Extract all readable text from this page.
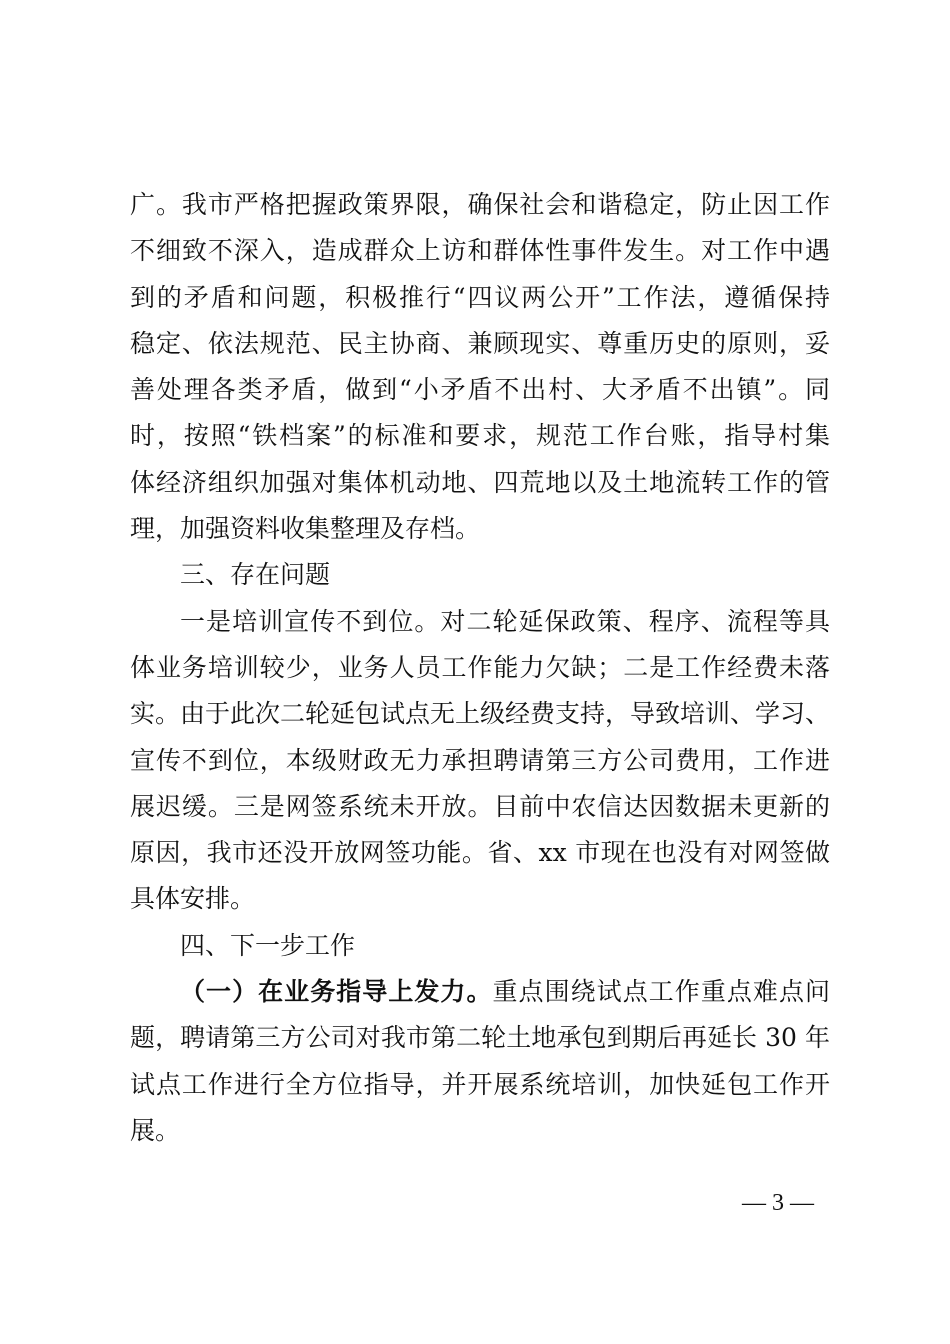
广。我市严格把握政策界限，确保社会和谐稳定，防止因工作
不细致不深入，造成群众上访和群体性事件发生。对工作中遇
到的矛盾和问题，积极推行“四议两公开”工作法，遵循保持
稳定、依法规范、民主协商、兼顾现实、尊重历史的原则，妥
善处理各类矛盾，做到“小矛盾不出村、大矛盾不出镇”。同
时，按照“铁档案”的标准和要求，规范工作台账，指导村集
体经济组织加强对集体机动地、四荒地以及土地流转工作的管
理，加强资料收集整理及存档。
三、存在问题
一是培训宣传不到位。对二轮延保政策、程序、流程等具
体业务培训较少，业务人员工作能力欠缺；二是工作经费未落
实。由于此次二轮延包试点无上级经费支持，导致培训、学习、
宣传不到位，本级财政无力承担聘请第三方公司费用，工作进
展迟缓。三是网签系统未开放。目前中农信达因数据未更新的
原因，我市还没开放网签功能。省、xx 市现在也没有对网签做
具体安排。
四、下一步工作
（一）在业务指导上发力。重点围绕试点工作重点难点问
题，聘请第三方公司对我市第二轮土地承包到期后再延长 30 年
试点工作进行全方位指导，并开展系统培训，加快延包工作开
展。
— 3 —
